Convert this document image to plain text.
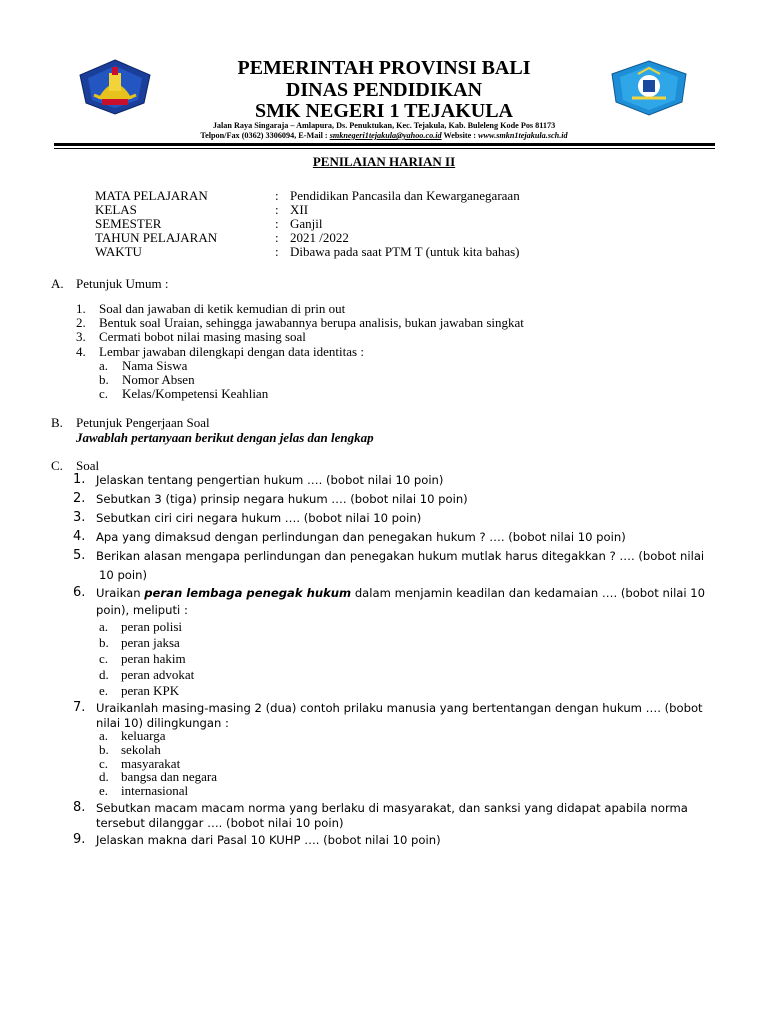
PEMERINTAH PROVINSI BALI
DINAS PENDIDIKAN
SMK NEGERI 1 TEJAKULA
Jalan Raya Singaraja – Amlapura, Ds. Penuktukan, Kec. Tejakula, Kab. Buleleng Kode Pos 81173
Telpon/Fax (0362) 3306094, E-Mail : smknegeri1tejakula@yahoo.co.id Website : www.smkn1tejakula.sch.id
PENILAIAN HARIAN II
MATA PELAJARAN
KELAS
SEMESTER
TAHUN PELAJARAN
WAKTU
:
:
:
:
:
Pendidikan Pancasila dan Kewarganegaraan
XII
Ganjil
2021 /2022
Dibawa pada saat PTM T (untuk kita bahas)
A. Petunjuk Umum :
1.
2.
3.
4.
Soal dan jawaban di ketik kemudian di prin out
Bentuk soal Uraian, sehingga jawabannya berupa analisis, bukan jawaban singkat
Cermati bobot nilai masing masing soal
Lembar jawaban dilengkapi dengan data identitas :
a.
b.
c.
Nama Siswa
Nomor Absen
Kelas/Kompetensi Keahlian
B. Petunjuk Pengerjaan Soal
Jawablah pertanyaan berikut dengan jelas dan lengkap
C. Soal
1.
2.
3.
4.
5.
6.
7.
8.
9.
Jelaskan tentang pengertian hukum …. (bobot nilai 10 poin)
Sebutkan 3 (tiga) prinsip negara hukum …. (bobot nilai 10 poin)
Sebutkan ciri ciri negara hukum …. (bobot nilai 10 poin)
Apa yang dimaksud dengan perlindungan dan penegakan hukum ? …. (bobot nilai 10 poin)
Berikan alasan mengapa perlindungan dan penegakan hukum mutlak harus ditegakkan ? …. (bobot nilai
10 poin)
Uraikan peran lembaga penegak hukum dalam menjamin keadilan dan kedamaian …. (bobot nilai 10
poin), meliputi :
a.
b.
c.
d.
e.
peran polisi
peran jaksa
peran hakim
peran advokat
peran KPK
Uraikanlah masing-masing 2 (dua) contoh prilaku manusia yang bertentangan dengan hukum …. (bobot
nilai 10) dilingkungan :
a.
b.
c.
d.
e.
keluarga
sekolah
masyarakat
bangsa dan negara
internasional
Sebutkan macam macam norma yang berlaku di masyarakat, dan sanksi yang didapat apabila norma
tersebut dilanggar …. (bobot nilai 10 poin)
Jelaskan makna dari Pasal 10 KUHP …. (bobot nilai 10 poin)
